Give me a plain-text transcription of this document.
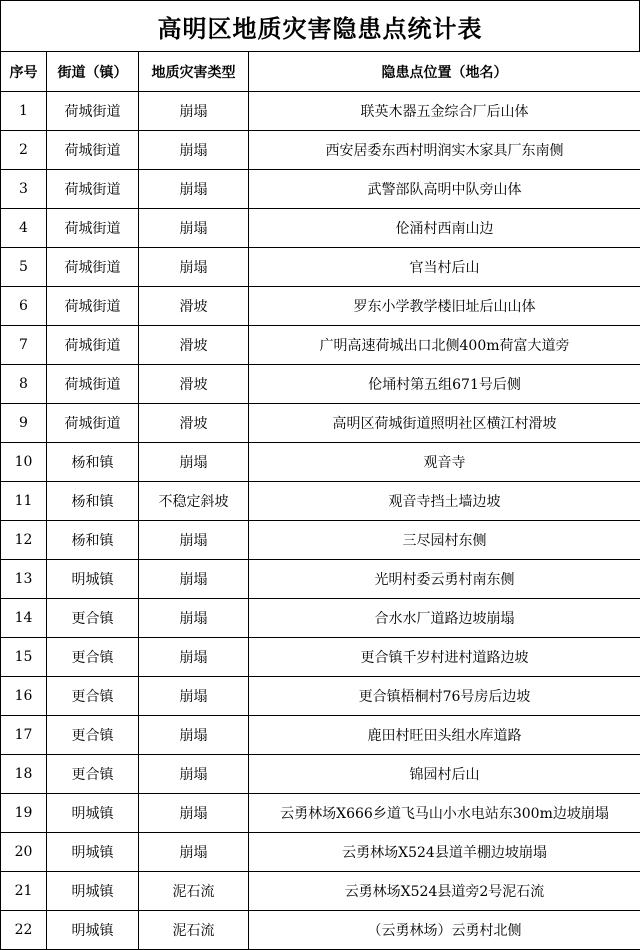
高明区地质灾害隐患点统计表
序号	街道（镇）	地质灾害类型	隐患点位置（地名）
1	荷城街道	崩塌	联英木器五金综合厂后山体
2	荷城街道	崩塌	西安居委东西村明润实木家具厂东南侧
3	荷城街道	崩塌	武警部队高明中队旁山体
4	荷城街道	崩塌	伦涌村西南山边
5	荷城街道	崩塌	官当村后山
6	荷城街道	滑坡	罗东小学教学楼旧址后山山体
7	荷城街道	滑坡	广明高速荷城出口北侧400m荷富大道旁
8	荷城街道	滑坡	伦埇村第五组671号后侧
9	荷城街道	滑坡	高明区荷城街道照明社区横江村滑坡
10	杨和镇	崩塌	观音寺
11	杨和镇	不稳定斜坡	观音寺挡土墙边坡
12	杨和镇	崩塌	三尽园村东侧
13	明城镇	崩塌	光明村委云勇村南东侧
14	更合镇	崩塌	合水水厂道路边坡崩塌
15	更合镇	崩塌	更合镇千岁村进村道路边坡
16	更合镇	崩塌	更合镇梧桐村76号房后边坡
17	更合镇	崩塌	鹿田村旺田头组水库道路
18	更合镇	崩塌	锦园村后山
19	明城镇	崩塌	云勇林场X666乡道飞马山小水电站东300m边坡崩塌
20	明城镇	崩塌	云勇林场X524县道羊棚边坡崩塌
21	明城镇	泥石流	云勇林场X524县道旁2号泥石流
22	明城镇	泥石流	（云勇林场）云勇村北侧
